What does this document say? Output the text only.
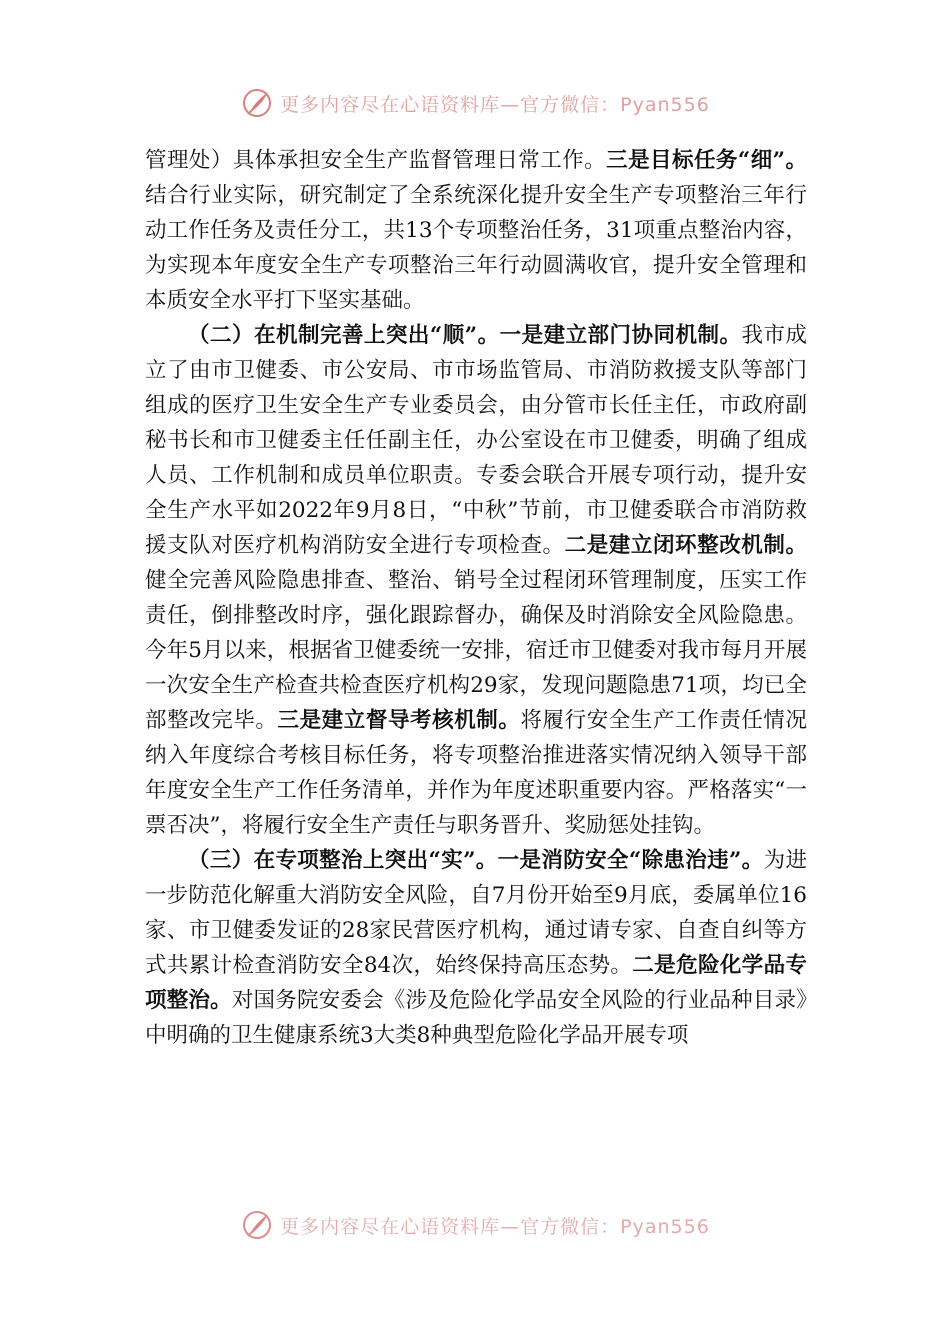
更多内容尽在心语资料库—官方微信：Pyan556

管理处）具体承担安全生产监督管理日常工作。三是目标任务“细”。结合行业实际，研究制定了全系统深化提升安全生产专项整治三年行动工作任务及责任分工，共13个专项整治任务，31项重点整治内容，为实现本年度安全生产专项整治三年行动圆满收官，提升安全管理和本质安全水平打下坚实基础。

（二）在机制完善上突出“顺”。一是建立部门协同机制。我市成立了由市卫健委、市公安局、市市场监管局、市消防救援支队等部门组成的医疗卫生安全生产专业委员会，由分管市长任主任，市政府副秘书长和市卫健委主任任副主任，办公室设在市卫健委，明确了组成人员、工作机制和成员单位职责。专委会联合开展专项行动，提升安全生产水平如2022年9月8日，“中秋”节前，市卫健委联合市消防救援支队对医疗机构消防安全进行专项检查。二是建立闭环整改机制。健全完善风险隐患排查、整治、销号全过程闭环管理制度，压实工作责任，倒排整改时序，强化跟踪督办，确保及时消除安全风险隐患。今年5月以来，根据省卫健委统一安排，宿迁市卫健委对我市每月开展一次安全生产检查共检查医疗机构29家，发现问题隐患71项，均已全部整改完毕。三是建立督导考核机制。将履行安全生产工作责任情况纳入年度综合考核目标任务，将专项整治推进落实情况纳入领导干部年度安全生产工作任务清单，并作为年度述职重要内容。严格落实“一票否决”，将履行安全生产责任与职务晋升、奖励惩处挂钩。

（三）在专项整治上突出“实”。一是消防安全“除患治违”。为进一步防范化解重大消防安全风险，自7月份开始至9月底，委属单位16家、市卫健委发证的28家民营医疗机构，通过请专家、自查自纠等方式共累计检查消防安全84次，始终保持高压态势。二是危险化学品专项整治。对国务院安委会《涉及危险化学品安全风险的行业品种目录》中明确的卫生健康系统3大类8种典型危险化学品开展专项

更多内容尽在心语资料库—官方微信：Pyan556
